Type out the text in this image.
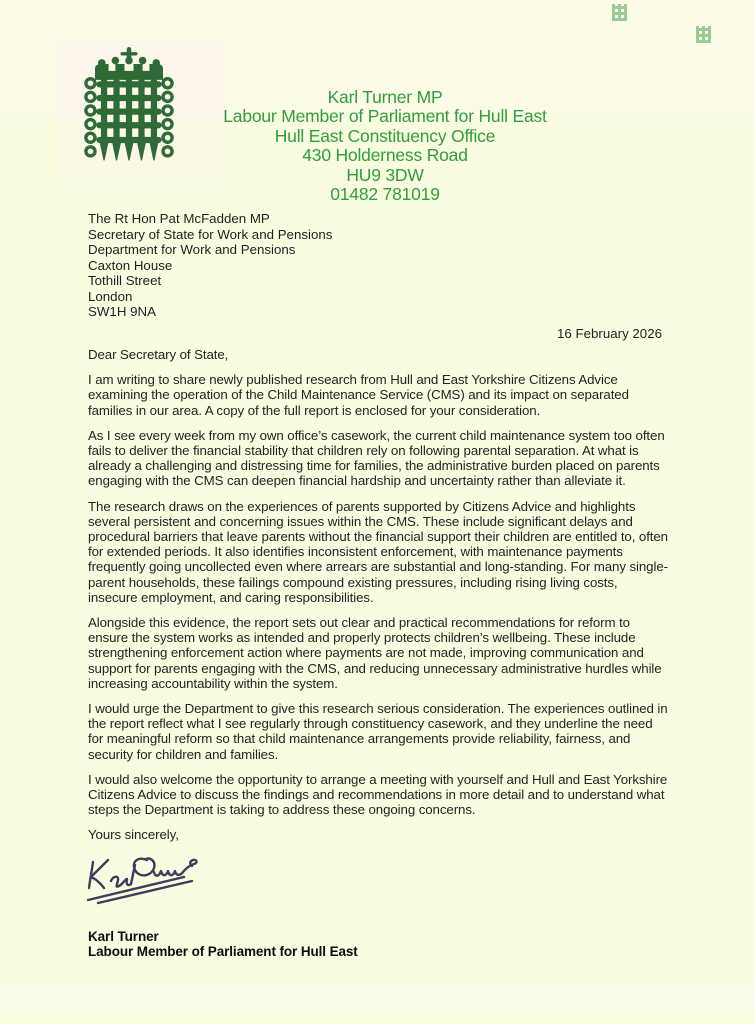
Karl Turner MP
Labour Member of Parliament for Hull East
Hull East Constituency Office
430 Holderness Road
HU9 3DW
01482 781019
The Rt Hon Pat McFadden MP
Secretary of State for Work and Pensions
Department for Work and Pensions
Caxton House
Tothill Street
London
SW1H 9NA
16 February 2026

Dear Secretary of State,

I am writing to share newly published research from Hull and East Yorkshire Citizens Advice examining the operation of the Child Maintenance Service (CMS) and its impact on separated families in our area. A copy of the full report is enclosed for your consideration.

As I see every week from my own office’s casework, the current child maintenance system too often fails to deliver the financial stability that children rely on following parental separation. At what is already a challenging and distressing time for families, the administrative burden placed on parents engaging with the CMS can deepen financial hardship and uncertainty rather than alleviate it.

The research draws on the experiences of parents supported by Citizens Advice and highlights several persistent and concerning issues within the CMS. These include significant delays and procedural barriers that leave parents without the financial support their children are entitled to, often for extended periods. It also identifies inconsistent enforcement, with maintenance payments frequently going uncollected even where arrears are substantial and long-standing. For many single-parent households, these failings compound existing pressures, including rising living costs, insecure employment, and caring responsibilities.

Alongside this evidence, the report sets out clear and practical recommendations for reform to ensure the system works as intended and properly protects children’s wellbeing. These include strengthening enforcement action where payments are not made, improving communication and support for parents engaging with the CMS, and reducing unnecessary administrative hurdles while increasing accountability within the system.

I would urge the Department to give this research serious consideration. The experiences outlined in the report reflect what I see regularly through constituency casework, and they underline the need for meaningful reform so that child maintenance arrangements provide reliability, fairness, and security for children and families.

I would also welcome the opportunity to arrange a meeting with yourself and Hull and East Yorkshire Citizens Advice to discuss the findings and recommendations in more detail and to understand what steps the Department is taking to address these ongoing concerns.

Yours sincerely,

Karl Turner
Labour Member of Parliament for Hull East
